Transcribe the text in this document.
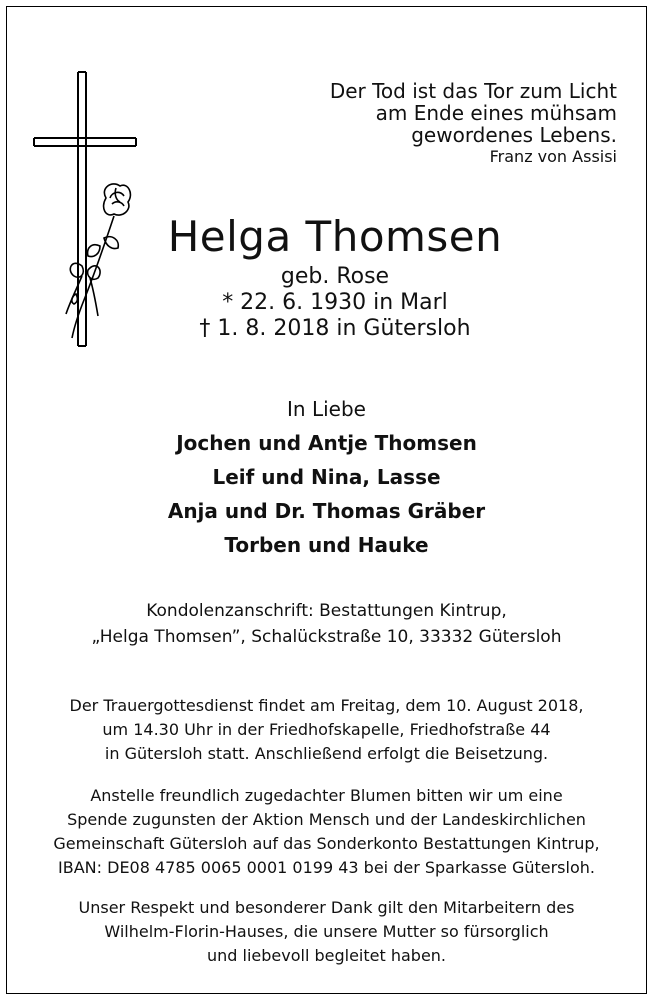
Der Tod ist das Tor zum Licht
am Ende eines mühsam
gewordenes Lebens.
Franz von Assisi
Helga Thomsen
geb. Rose
* 22. 6. 1930 in Marl
† 1. 8. 2018 in Gütersloh
In Liebe
Jochen und Antje Thomsen
Leif und Nina, Lasse
Anja und Dr. Thomas Gräber
Torben und Hauke
Kondolenzanschrift: Bestattungen Kintrup,
„Helga Thomsen”, Schalückstraße 10, 33332 Gütersloh
Der Trauergottesdienst findet am Freitag, dem 10. August 2018,
um 14.30 Uhr in der Friedhofskapelle, Friedhofstraße 44
in Gütersloh statt. Anschließend erfolgt die Beisetzung.
Anstelle freundlich zugedachter Blumen bitten wir um eine
Spende zugunsten der Aktion Mensch und der Landeskirchlichen
Gemeinschaft Gütersloh auf das Sonderkonto Bestattungen Kintrup,
IBAN: DE08 4785 0065 0001 0199 43 bei der Sparkasse Gütersloh.
Unser Respekt und besonderer Dank gilt den Mitarbeitern des
Wilhelm-Florin-Hauses, die unsere Mutter so fürsorglich
und liebevoll begleitet haben.
